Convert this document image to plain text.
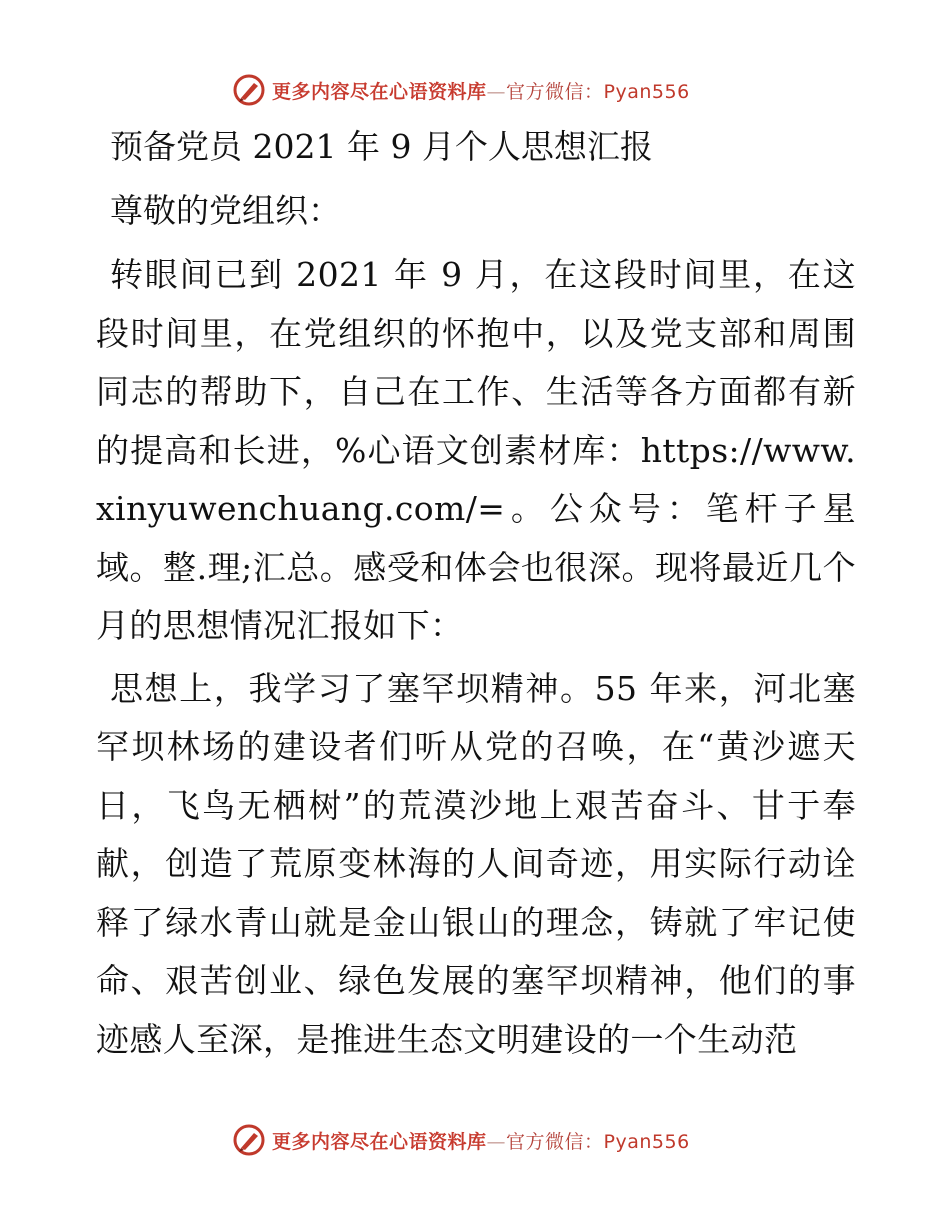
更多内容尽在心语资料库—官方微信：Pyan556
预备党员 2021 年 9 月个人思想汇报
尊敬的党组织：

转眼间已到 2021 年 9 月，在这段时间里，在这段时间里，在党组织的怀抱中，以及党支部和周围同志的帮助下，自己在工作、生活等各方面都有新的提高和长进，%心语文创素材库：https://www.xinyuwenchuang.com/=。公众号：笔杆子星域。整.理;汇总。感受和体会也很深。现将最近几个月的思想情况汇报如下：

思想上，我学习了塞罕坝精神。55 年来，河北塞罕坝林场的建设者们听从党的召唤，在“黄沙遮天日，飞鸟无栖树”的荒漠沙地上艰苦奋斗、甘于奉献，创造了荒原变林海的人间奇迹，用实际行动诠释了绿水青山就是金山银山的理念，铸就了牢记使命、艰苦创业、绿色发展的塞罕坝精神，他们的事迹感人至深，是推进生态文明建设的一个生动范

更多内容尽在心语资料库—官方微信：Pyan556
